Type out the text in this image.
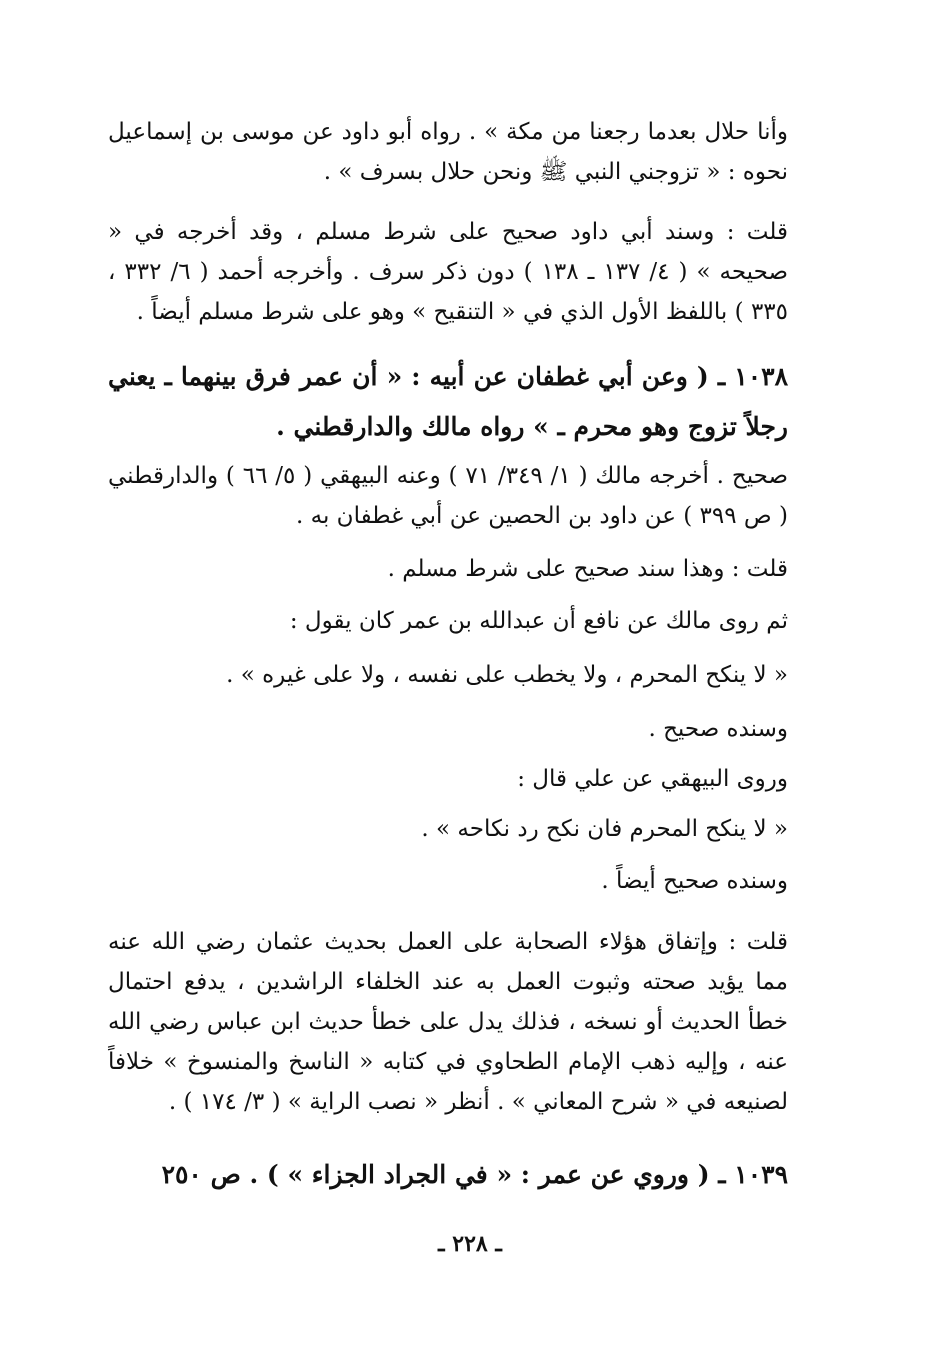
وأنا حلال بعدما رجعنا من مكة » . رواه أبو داود عن موسى بن إسماعيل نحوه : « تزوجني النبي ﷺ ونحن حلال بسرف » .
قلت : وسند أبي داود صحيح على شرط مسلم ، وقد أخرجه في « صحيحه » ( ٤/ ١٣٧ ـ ١٣٨ ) دون ذكر سرف . وأخرجه أحمد ( ٦/ ٣٣٢ ، ٣٣٥ ) باللفظ الأول الذي في « التنقيح » وهو على شرط مسلم أيضاً .
١٠٣٨ ـ ( وعن أبي غطفان عن أبيه : « أن عمر فرق بينهما ـ يعني رجلاً تزوج وهو محرم ـ » رواه مالك والدارقطني .
صحيح . أخرجه مالك ( ١/ ٣٤٩/ ٧١ ) وعنه البيهقي ( ٥/ ٦٦ ) والدارقطني ( ص ٣٩٩ ) عن داود بن الحصين عن أبي غطفان به .
قلت : وهذا سند صحيح على شرط مسلم .
ثم روى مالك عن نافع أن عبدالله بن عمر كان يقول :
« لا ينكح المحرم ، ولا يخطب على نفسه ، ولا على غيره » .
وسنده صحيح .
وروى البيهقي عن علي قال :
« لا ينكح المحرم فان نكح رد نكاحه » .
وسنده صحيح أيضاً .
قلت : وإتفاق هؤلاء الصحابة على العمل بحديث عثمان رضي الله عنه مما يؤيد صحته وثبوت العمل به عند الخلفاء الراشدين ، يدفع احتمال خطأ الحديث أو نسخه ، فذلك يدل على خطأ حديث ابن عباس رضي الله عنه ، وإليه ذهب الإمام الطحاوي في كتابه « الناسخ والمنسوخ » خلافاً لصنيعه في « شرح المعاني » . أنظر « نصب الراية » ( ٣/ ١٧٤ ) .
١٠٣٩ ـ ( وروي عن عمر : « في الجراد الجزاء » ) . ص ٢٥٠
ـ ٢٢٨ ـ
